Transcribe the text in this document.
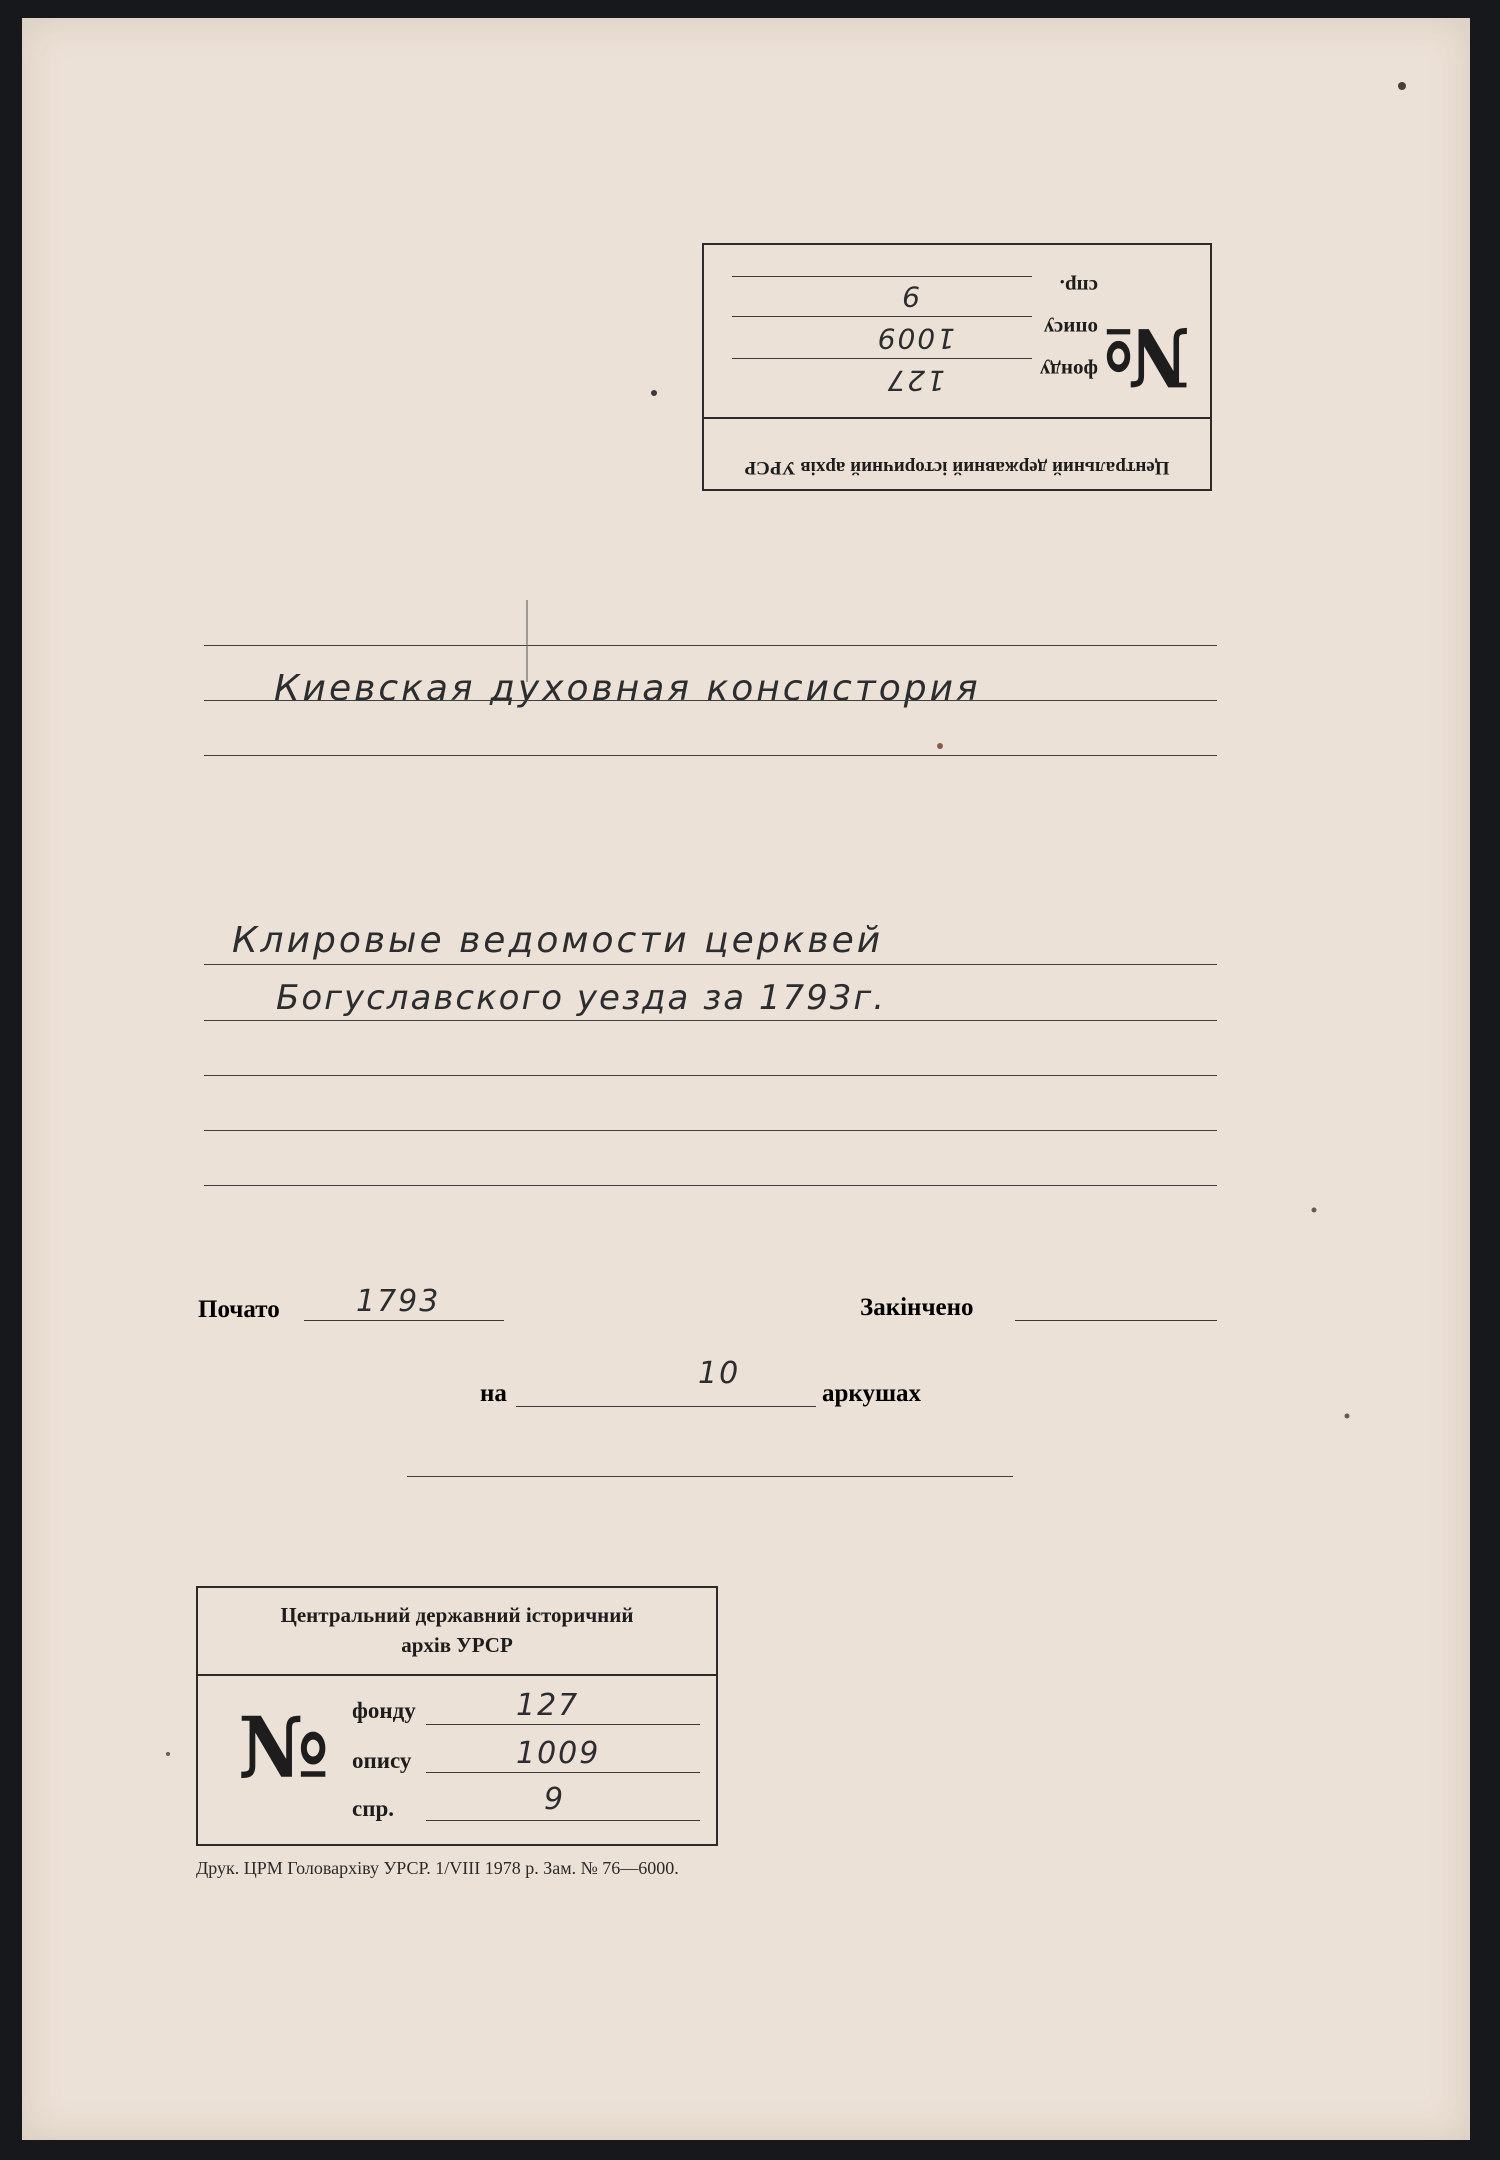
Центральний державний історичний архів УРСР
№
фонду
127
опису
1009
спр.
9
Киевская духовная консистория
Клировые ведомости церквей
Богуславского уезда за 1793г.
Почато	1793	Закінчено
на
10
аркушах
Центральний державний історичний
архів УРСР
№ фонду	127
опису	1009
спр.	9
Друк. ЦРМ Головархіву УРСР. 1/VIII 1978 р. Зам. № 76—6000.
